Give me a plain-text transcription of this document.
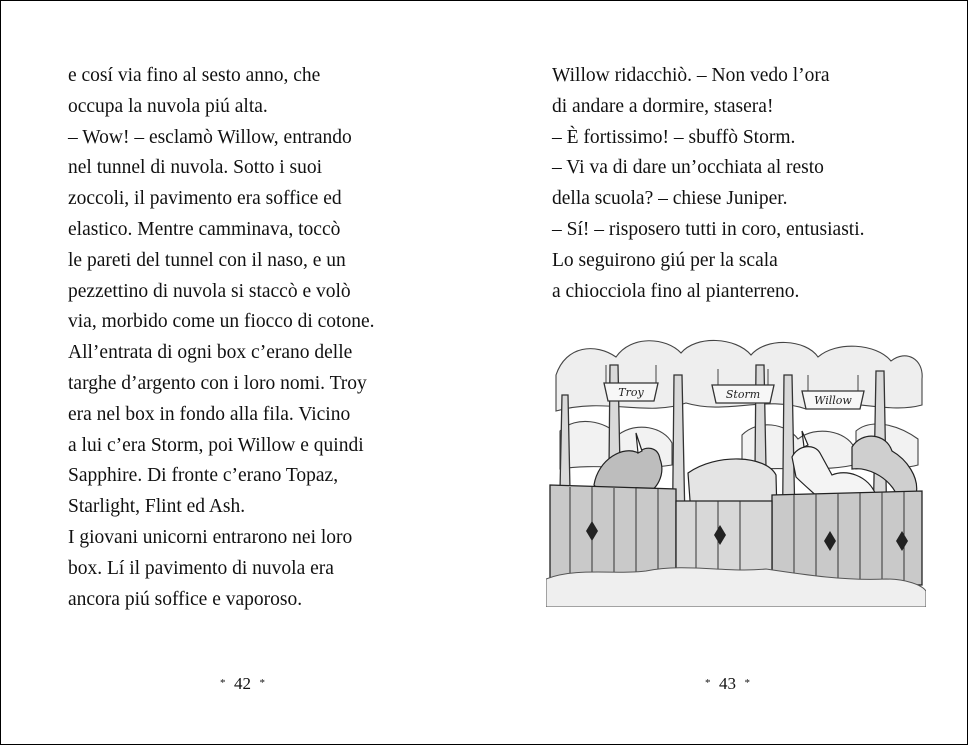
e cosí via fino al sesto anno, che
occupa la nuvola piú alta.
– Wow! – esclamò Willow, entrando
nel tunnel di nuvola. Sotto i suoi
zoccoli, il pavimento era soffice ed
elastico. Mentre camminava, toccò
le pareti del tunnel con il naso, e un
pezzettino di nuvola si staccò e volò
via, morbido come un fiocco di cotone.
All’entrata di ogni box c’erano delle
targhe d’argento con i loro nomi. Troy
era nel box in fondo alla fila. Vicino
a lui c’era Storm, poi Willow e quindi
Sapphire. Di fronte c’erano Topaz,
Starlight, Flint ed Ash.
I giovani unicorni entrarono nei loro
box. Lí il pavimento di nuvola era
ancora piú soffice e vaporoso.
* 42 *
Willow ridacchiò. – Non vedo l’ora
di andare a dormire, stasera!
– È fortissimo! – sbuffò Storm.
– Vi va di dare un’occhiata al resto
della scuola? – chiese Juniper.
– Sí! – risposero tutti in coro, entusiasti.
Lo seguirono giú per la scala
a chiocciola fino al pianterreno.
Troy	Storm	Willow
* 43 *
